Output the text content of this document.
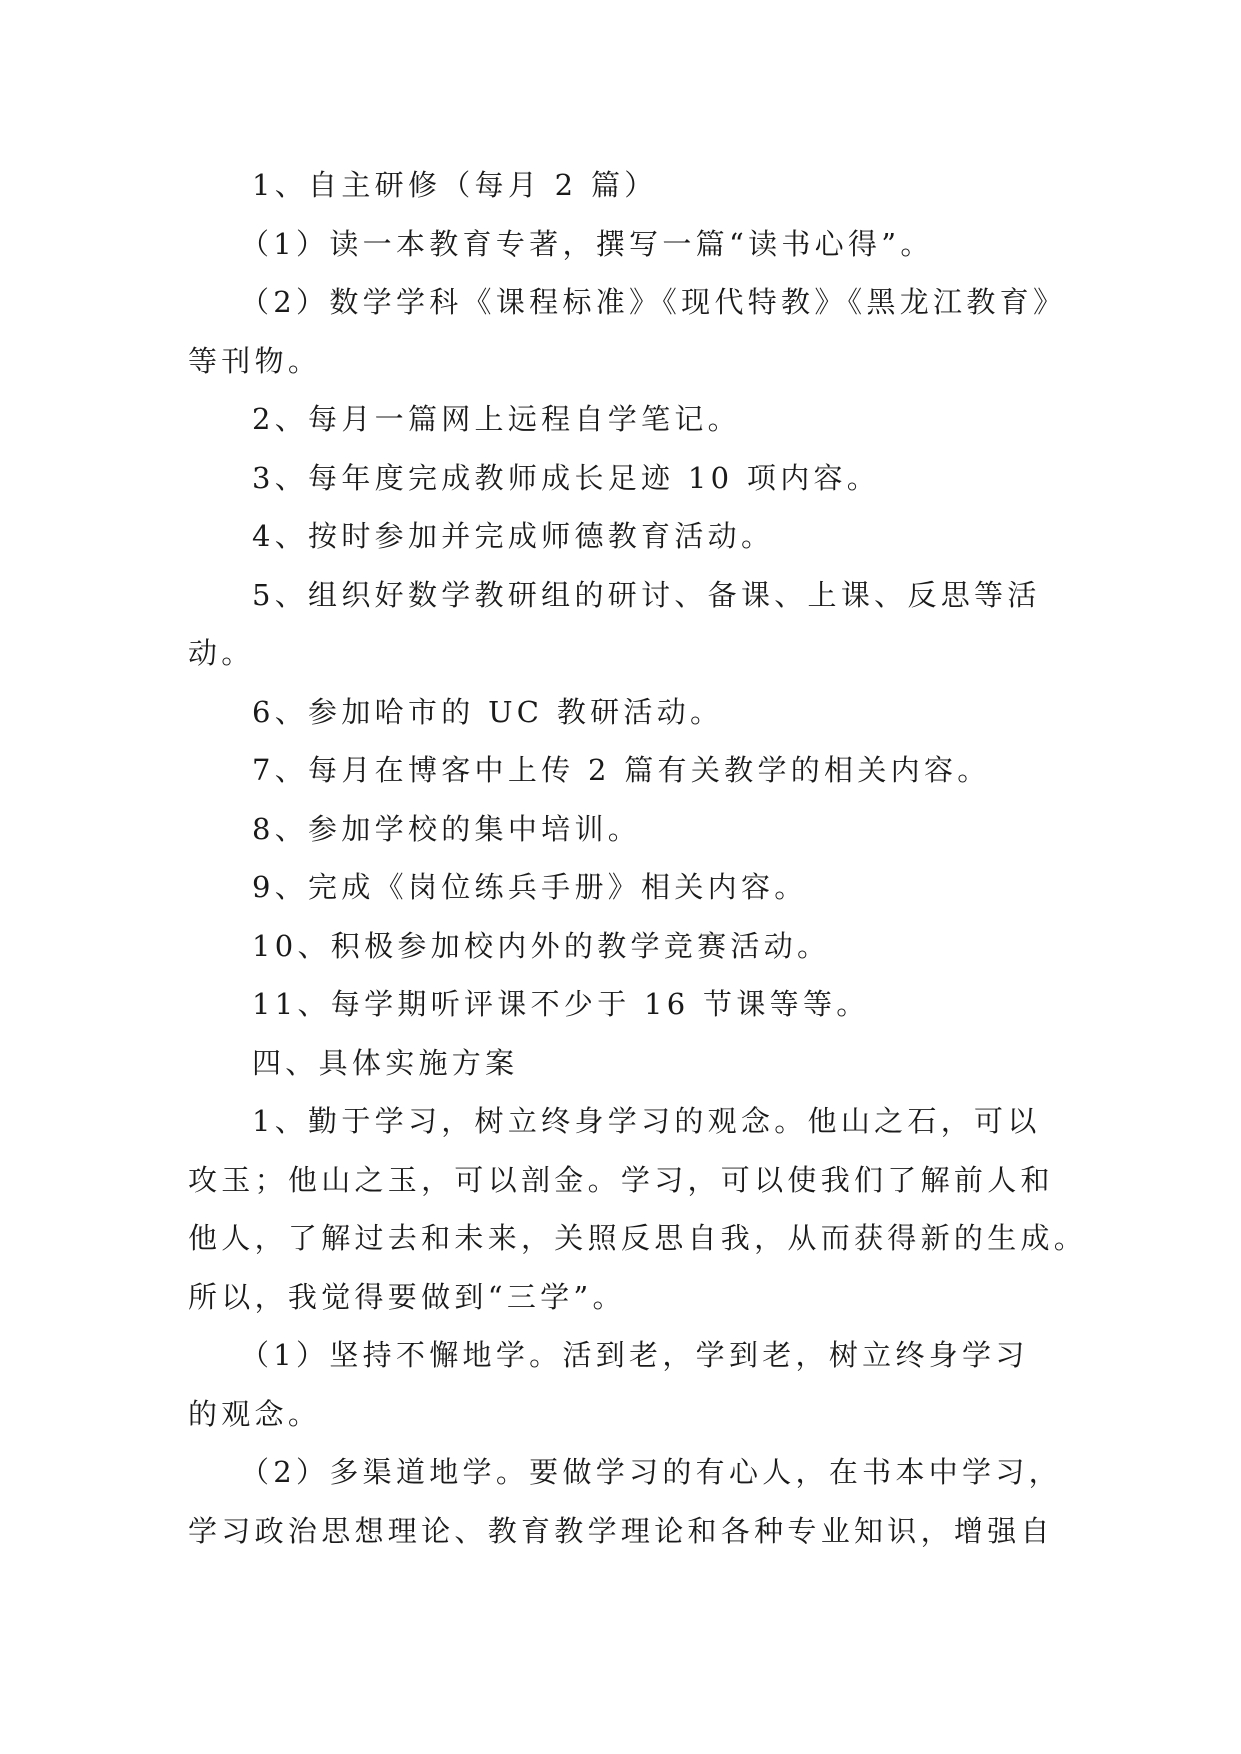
1、自主研修（每月 2 篇）

（1）读一本教育专著，撰写一篇“读书心得”。

（2）数学学科《课程标准》《现代特教》《黑龙江教育》

等刊物。

2、每月一篇网上远程自学笔记。

3、每年度完成教师成长足迹 10 项内容。

4、按时参加并完成师德教育活动。

5、组织好数学教研组的研讨、备课、上课、反思等活

动。

6、参加哈市的 UC 教研活动。

7、每月在博客中上传 2 篇有关教学的相关内容。

8、参加学校的集中培训。

9、完成《岗位练兵手册》相关内容。

10、积极参加校内外的教学竞赛活动。

11、每学期听评课不少于 16 节课等等。

四、具体实施方案

1、勤于学习，树立终身学习的观念。他山之石，可以

攻玉；他山之玉，可以剖金。学习，可以使我们了解前人和

他人，了解过去和未来，关照反思自我，从而获得新的生成。

所以，我觉得要做到“三学”。

（1）坚持不懈地学。活到老，学到老，树立终身学习

的观念。

（2）多渠道地学。要做学习的有心人，在书本中学习，

学习政治思想理论、教育教学理论和各种专业知识，增强自
